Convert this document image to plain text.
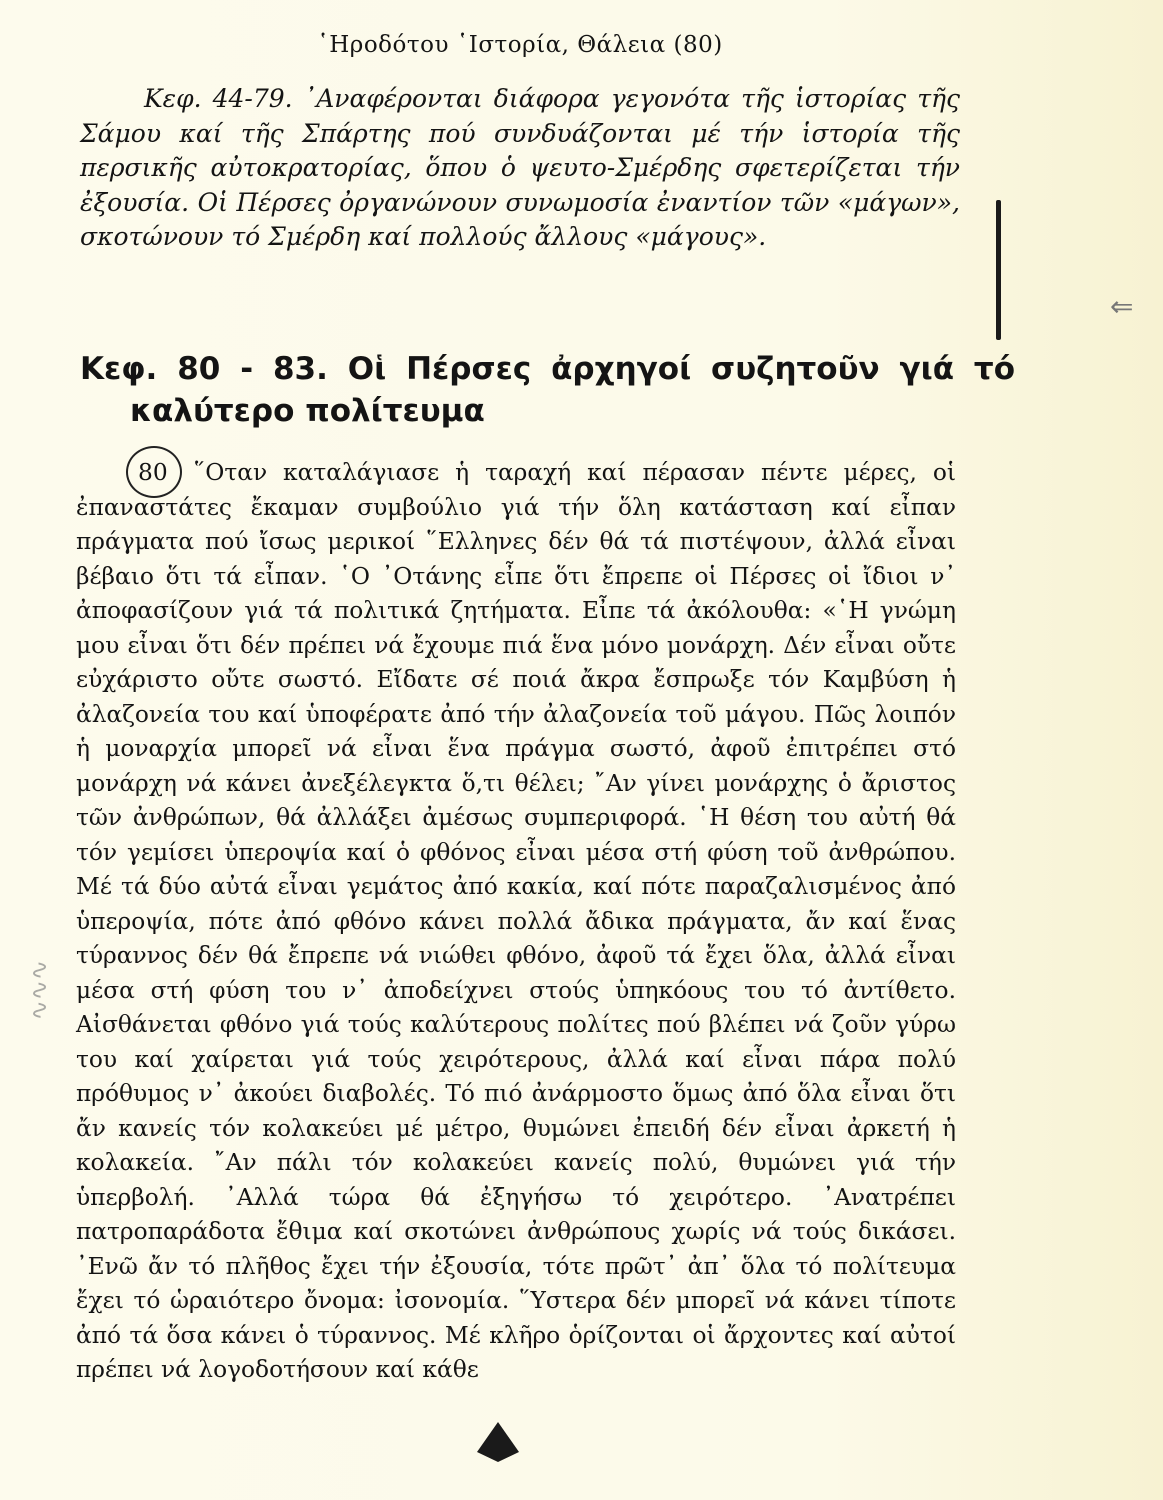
῾Ηροδότου ῾Ιστορία, Θάλεια (80)
Κεφ. 44-79. ᾿Αναφέρονται διάφορα γεγονότα τῆς ἱστορίας τῆς Σάμου καί τῆς Σπάρτης πού συνδυάζονται μέ τήν ἱστορία τῆς περσικῆς αὐτοκρατορίας, ὅπου ὁ ψευτο-Σμέρδης σφετερίζεται τήν ἐξουσία. Οἱ Πέρσες ὀργανώνουν συνωμοσία ἐναντίον τῶν «μάγων», σκοτώνουν τό Σμέρδη καί πολλούς ἄλλους «μάγους».
⇐
Κεφ. 80 - 83. Οἱ Πέρσες ἀρχηγοί συζητοῦν γιά τό καλύτερο πολίτευμα
80 ῞Οταν καταλάγιασε ἡ ταραχή καί πέρασαν πέντε μέρες, οἱ ἐπαναστάτες ἔκαμαν συμβούλιο γιά τήν ὅλη κατάσταση καί εἶπαν πράγματα πού ἴσως μερικοί ῞Ελληνες δέν θά τά πιστέψουν, ἀλλά εἶναι βέβαιο ὅτι τά εἶπαν. ῾Ο ᾿Οτάνης εἶπε ὅτι ἔπρεπε οἱ Πέρσες οἱ ἴδιοι ν᾿ ἀποφασίζουν γιά τά πολιτικά ζητήματα. Εἶπε τά ἀκόλουθα: «῾Η γνώμη μου εἶναι ὅτι δέν πρέπει νά ἔχουμε πιά ἕνα μόνο μονάρχη. Δέν εἶναι οὔτε εὐχάριστο οὔτε σωστό. Εἴδατε σέ ποιά ἄκρα ἔσπρωξε τόν Καμβύση ἡ ἀλαζονεία του καί ὑποφέρατε ἀπό τήν ἀλαζονεία τοῦ μάγου. Πῶς λοιπόν ἡ μοναρχία μπορεῖ νά εἶναι ἕνα πράγμα σωστό, ἀφοῦ ἐπιτρέπει στό μονάρχη νά κάνει ἀνεξέλεγκτα ὅ,τι θέλει; ῎Αν γίνει μονάρχης ὁ ἄριστος τῶν ἀνθρώπων, θά ἀλλάξει ἀμέσως συμπεριφορά. ῾Η θέση του αὐτή θά τόν γεμίσει ὑπεροψία καί ὁ φθόνος εἶναι μέσα στή φύση τοῦ ἀνθρώπου. Μέ τά δύο αὐτά εἶναι γεμάτος ἀπό κακία, καί πότε παραζαλισμένος ἀπό ὑπεροψία, πότε ἀπό φθόνο κάνει πολλά ἄδικα πράγματα, ἄν καί ἕνας τύραννος δέν θά ἔπρεπε νά νιώθει φθόνο, ἀφοῦ τά ἔχει ὅλα, ἀλλά εἶναι μέσα στή φύση του ν᾿ ἀποδείχνει στούς ὑπηκόους του τό ἀντίθετο. Αἰσθάνεται φθόνο γιά τούς καλύτερους πολίτες πού βλέπει νά ζοῦν γύρω του καί χαίρεται γιά τούς χειρότερους, ἀλλά καί εἶναι πάρα πολύ πρόθυμος ν᾿ ἀκούει διαβολές. Τό πιό ἀνάρμοστο ὅμως ἀπό ὅλα εἶναι ὅτι ἄν κανείς τόν κολακεύει μέ μέτρο, θυμώνει ἐπειδή δέν εἶναι ἀρκετή ἡ κολακεία. ῎Αν πάλι τόν κολακεύει κανείς πολύ, θυμώνει γιά τήν ὑπερβολή. ᾿Αλλά τώρα θά ἐξηγήσω τό χειρότερο. ᾿Ανατρέπει πατροπαράδοτα ἔθιμα καί σκοτώνει ἀνθρώπους χωρίς νά τούς δικάσει. ᾿Ενῶ ἄν τό πλῆθος ἔχει τήν ἐξουσία, τότε πρῶτ᾿ ἀπ᾿ ὅλα τό πολίτευμα ἔχει τό ὡραιότερο ὄνομα: ἰσονομία. ῞Υστερα δέν μπορεῖ νά κάνει τίποτε ἀπό τά ὅσα κάνει ὁ τύραννος. Μέ κλῆρο ὁρίζονται οἱ ἄρχοντες καί αὐτοί πρέπει νά λογοδοτήσουν καί κάθε
∿∿∿
